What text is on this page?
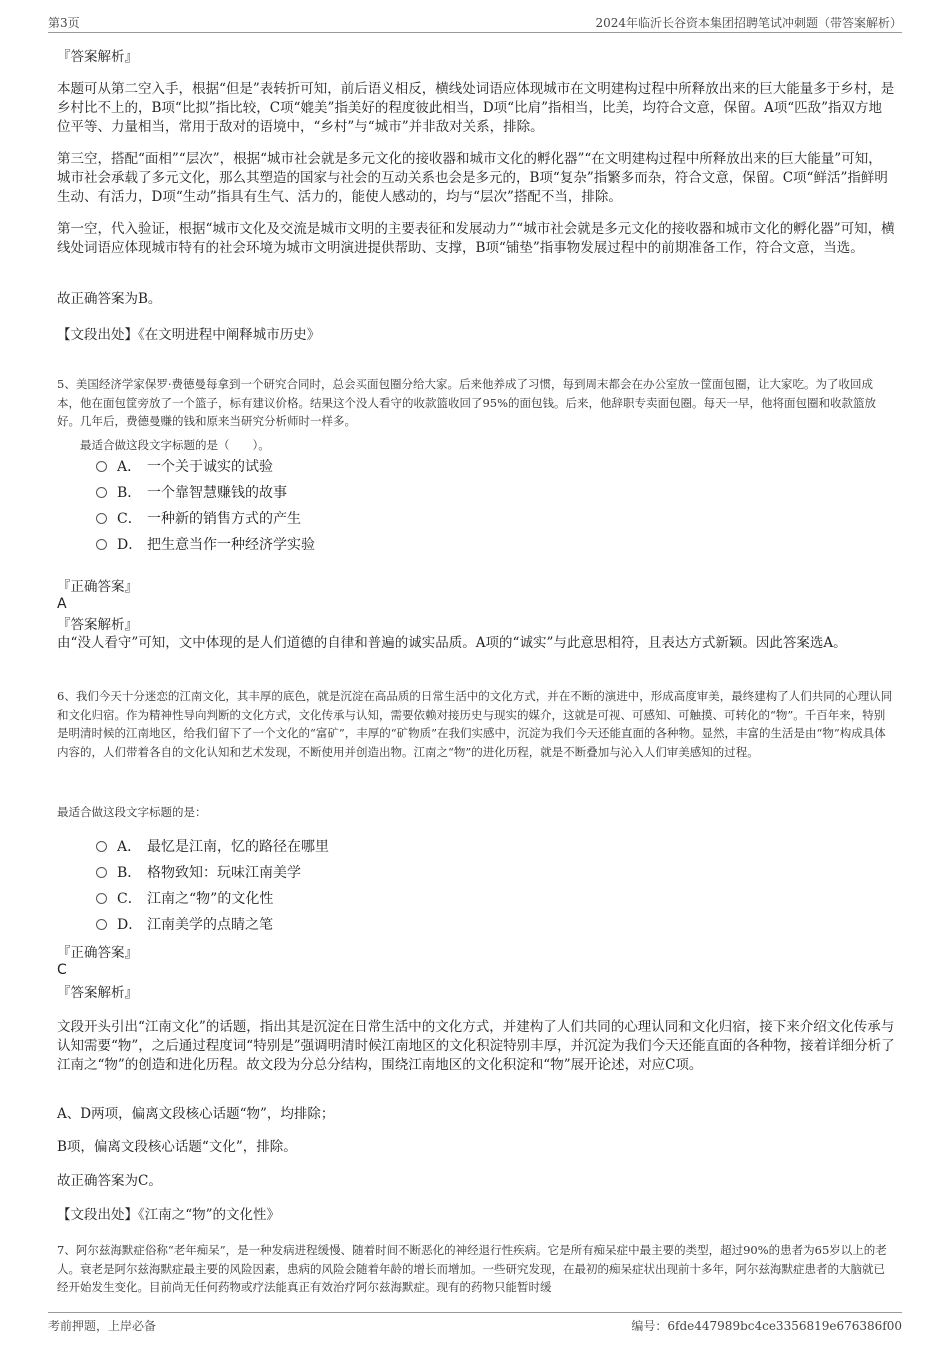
第3页	2024年临沂长谷资本集团招聘笔试冲刺题（带答案解析）
『答案解析』

本题可从第二空入手，根据“但是”表转折可知，前后语义相反，横线处词语应体现城市在文明建构过程中所释放出来的巨大能量多于乡村，是乡村比不上的，B项“比拟”指比较，C项“媲美”指美好的程度彼此相当，D项“比肩”指相当，比美，均符合文意，保留。A项“匹敌”指双方地位平等、力量相当，常用于敌对的语境中，“乡村”与“城市”并非敌对关系，排除。

第三空，搭配“面相”“层次”，根据“城市社会就是多元文化的接收器和城市文化的孵化器”“在文明建构过程中所释放出来的巨大能量”可知，城市社会承载了多元文化，那么其塑造的国家与社会的互动关系也会是多元的，B项“复杂”指繁多而杂，符合文意，保留。C项“鲜活”指鲜明生动、有活力，D项“生动”指具有生气、活力的，能使人感动的，均与“层次”搭配不当，排除。

第一空，代入验证，根据“城市文化及交流是城市文明的主要表征和发展动力”“城市社会就是多元文化的接收器和城市文化的孵化器”可知，横线处词语应体现城市特有的社会环境为城市文明演进提供帮助、支撑，B项“铺垫”指事物发展过程中的前期准备工作，符合文意，当选。

故正确答案为B。

【文段出处】《在文明进程中阐释城市历史》

5、美国经济学家保罗·费德曼每拿到一个研究合同时，总会买面包圈分给大家。后来他养成了习惯，每到周末都会在办公室放一筐面包圈，让大家吃。为了收回成本，他在面包筐旁放了一个篮子，标有建议价格。结果这个没人看守的收款篮收回了95%的面包钱。后来，他辞职专卖面包圈。每天一早，他将面包圈和收款篮放好。几年后，费德曼赚的钱和原来当研究分析师时一样多。

最适合做这段文字标题的是（　　）。

A． 一个关于诚实的试验
B． 一个靠智慧赚钱的故事
C． 一种新的销售方式的产生
D． 把生意当作一种经济学实验
『正确答案』
A
『答案解析』

由“没人看守”可知，文中体现的是人们道德的自律和普遍的诚实品质。A项的“诚实”与此意思相符，且表达方式新颖。因此答案选A。

6、我们今天十分迷恋的江南文化，其丰厚的底色，就是沉淀在高品质的日常生活中的文化方式，并在不断的演进中，形成高度审美，最终建构了人们共同的心理认同和文化归宿。作为精神性导向判断的文化方式，文化传承与认知，需要依赖对接历史与现实的媒介，这就是可视、可感知、可触摸、可转化的“物”。千百年来，特别是明清时候的江南地区，给我们留下了一个文化的“富矿”，丰厚的“矿物质”在我们实感中，沉淀为我们今天还能直面的各种物。显然，丰富的生活是由“物”构成具体内容的，人们带着各自的文化认知和艺术发现，不断使用并创造出物。江南之“物”的进化历程，就是不断叠加与沁入人们审美感知的过程。

最适合做这段文字标题的是：

A． 最忆是江南，忆的路径在哪里
B． 格物致知：玩味江南美学
C． 江南之“物”的文化性
D． 江南美学的点睛之笔
『正确答案』
C
『答案解析』

文段开头引出“江南文化”的话题，指出其是沉淀在日常生活中的文化方式，并建构了人们共同的心理认同和文化归宿，接下来介绍文化传承与认知需要“物”，之后通过程度词“特别是”强调明清时候江南地区的文化积淀特别丰厚，并沉淀为我们今天还能直面的各种物，接着详细分析了江南之“物”的创造和进化历程。故文段为分总分结构，围绕江南地区的文化积淀和“物”展开论述，对应C项。

A、D两项，偏离文段核心话题“物”，均排除；

B项，偏离文段核心话题“文化”，排除。

故正确答案为C。

【文段出处】《江南之“物”的文化性》

7、阿尔兹海默症俗称“老年痴呆”，是一种发病进程缓慢、随着时间不断恶化的神经退行性疾病。它是所有痴呆症中最主要的类型，超过90%的患者为65岁以上的老人。衰老是阿尔兹海默症最主要的风险因素，患病的风险会随着年龄的增长而增加。一些研究发现，在最初的痴呆症状出现前十多年，阿尔兹海默症患者的大脑就已经开始发生变化。目前尚无任何药物或疗法能真正有效治疗阿尔兹海默症。现有的药物只能暂时缓

考前押题，上岸必备	编号：6fde447989bc4ce3356819e676386f00
